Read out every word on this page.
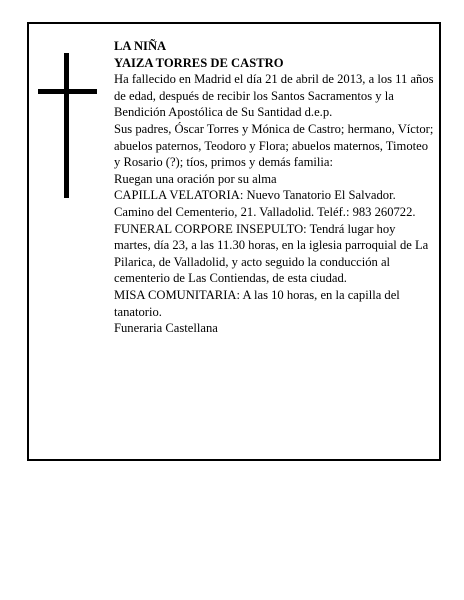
LA NIÑA

YAIZA TORRES DE CASTRO

Ha fallecido en Madrid el día 21 de abril de 2013, a los 11 años de edad, después de recibir los Santos Sacramentos y la Bendición Apostólica de Su Santidad d.e.p.

Sus padres, Óscar Torres y Mónica de Castro; hermano, Víctor; abuelos paternos, Teodoro y Flora; abuelos maternos, Timoteo y Rosario (?); tíos, primos y demás familia:

Ruegan una oración por su alma

CAPILLA VELATORIA: Nuevo Tanatorio El Salvador. Camino del Cementerio, 21. Valladolid. Teléf.: 983 260722.

FUNERAL CORPORE INSEPULTO: Tendrá lugar hoy martes, día 23, a las 11.30 horas, en la iglesia parroquial de La Pilarica, de Valladolid, y acto seguido la conducción al cementerio de Las Contiendas, de esta ciudad.

MISA COMUNITARIA: A las 10 horas, en la capilla del tanatorio.

Funeraria Castellana
